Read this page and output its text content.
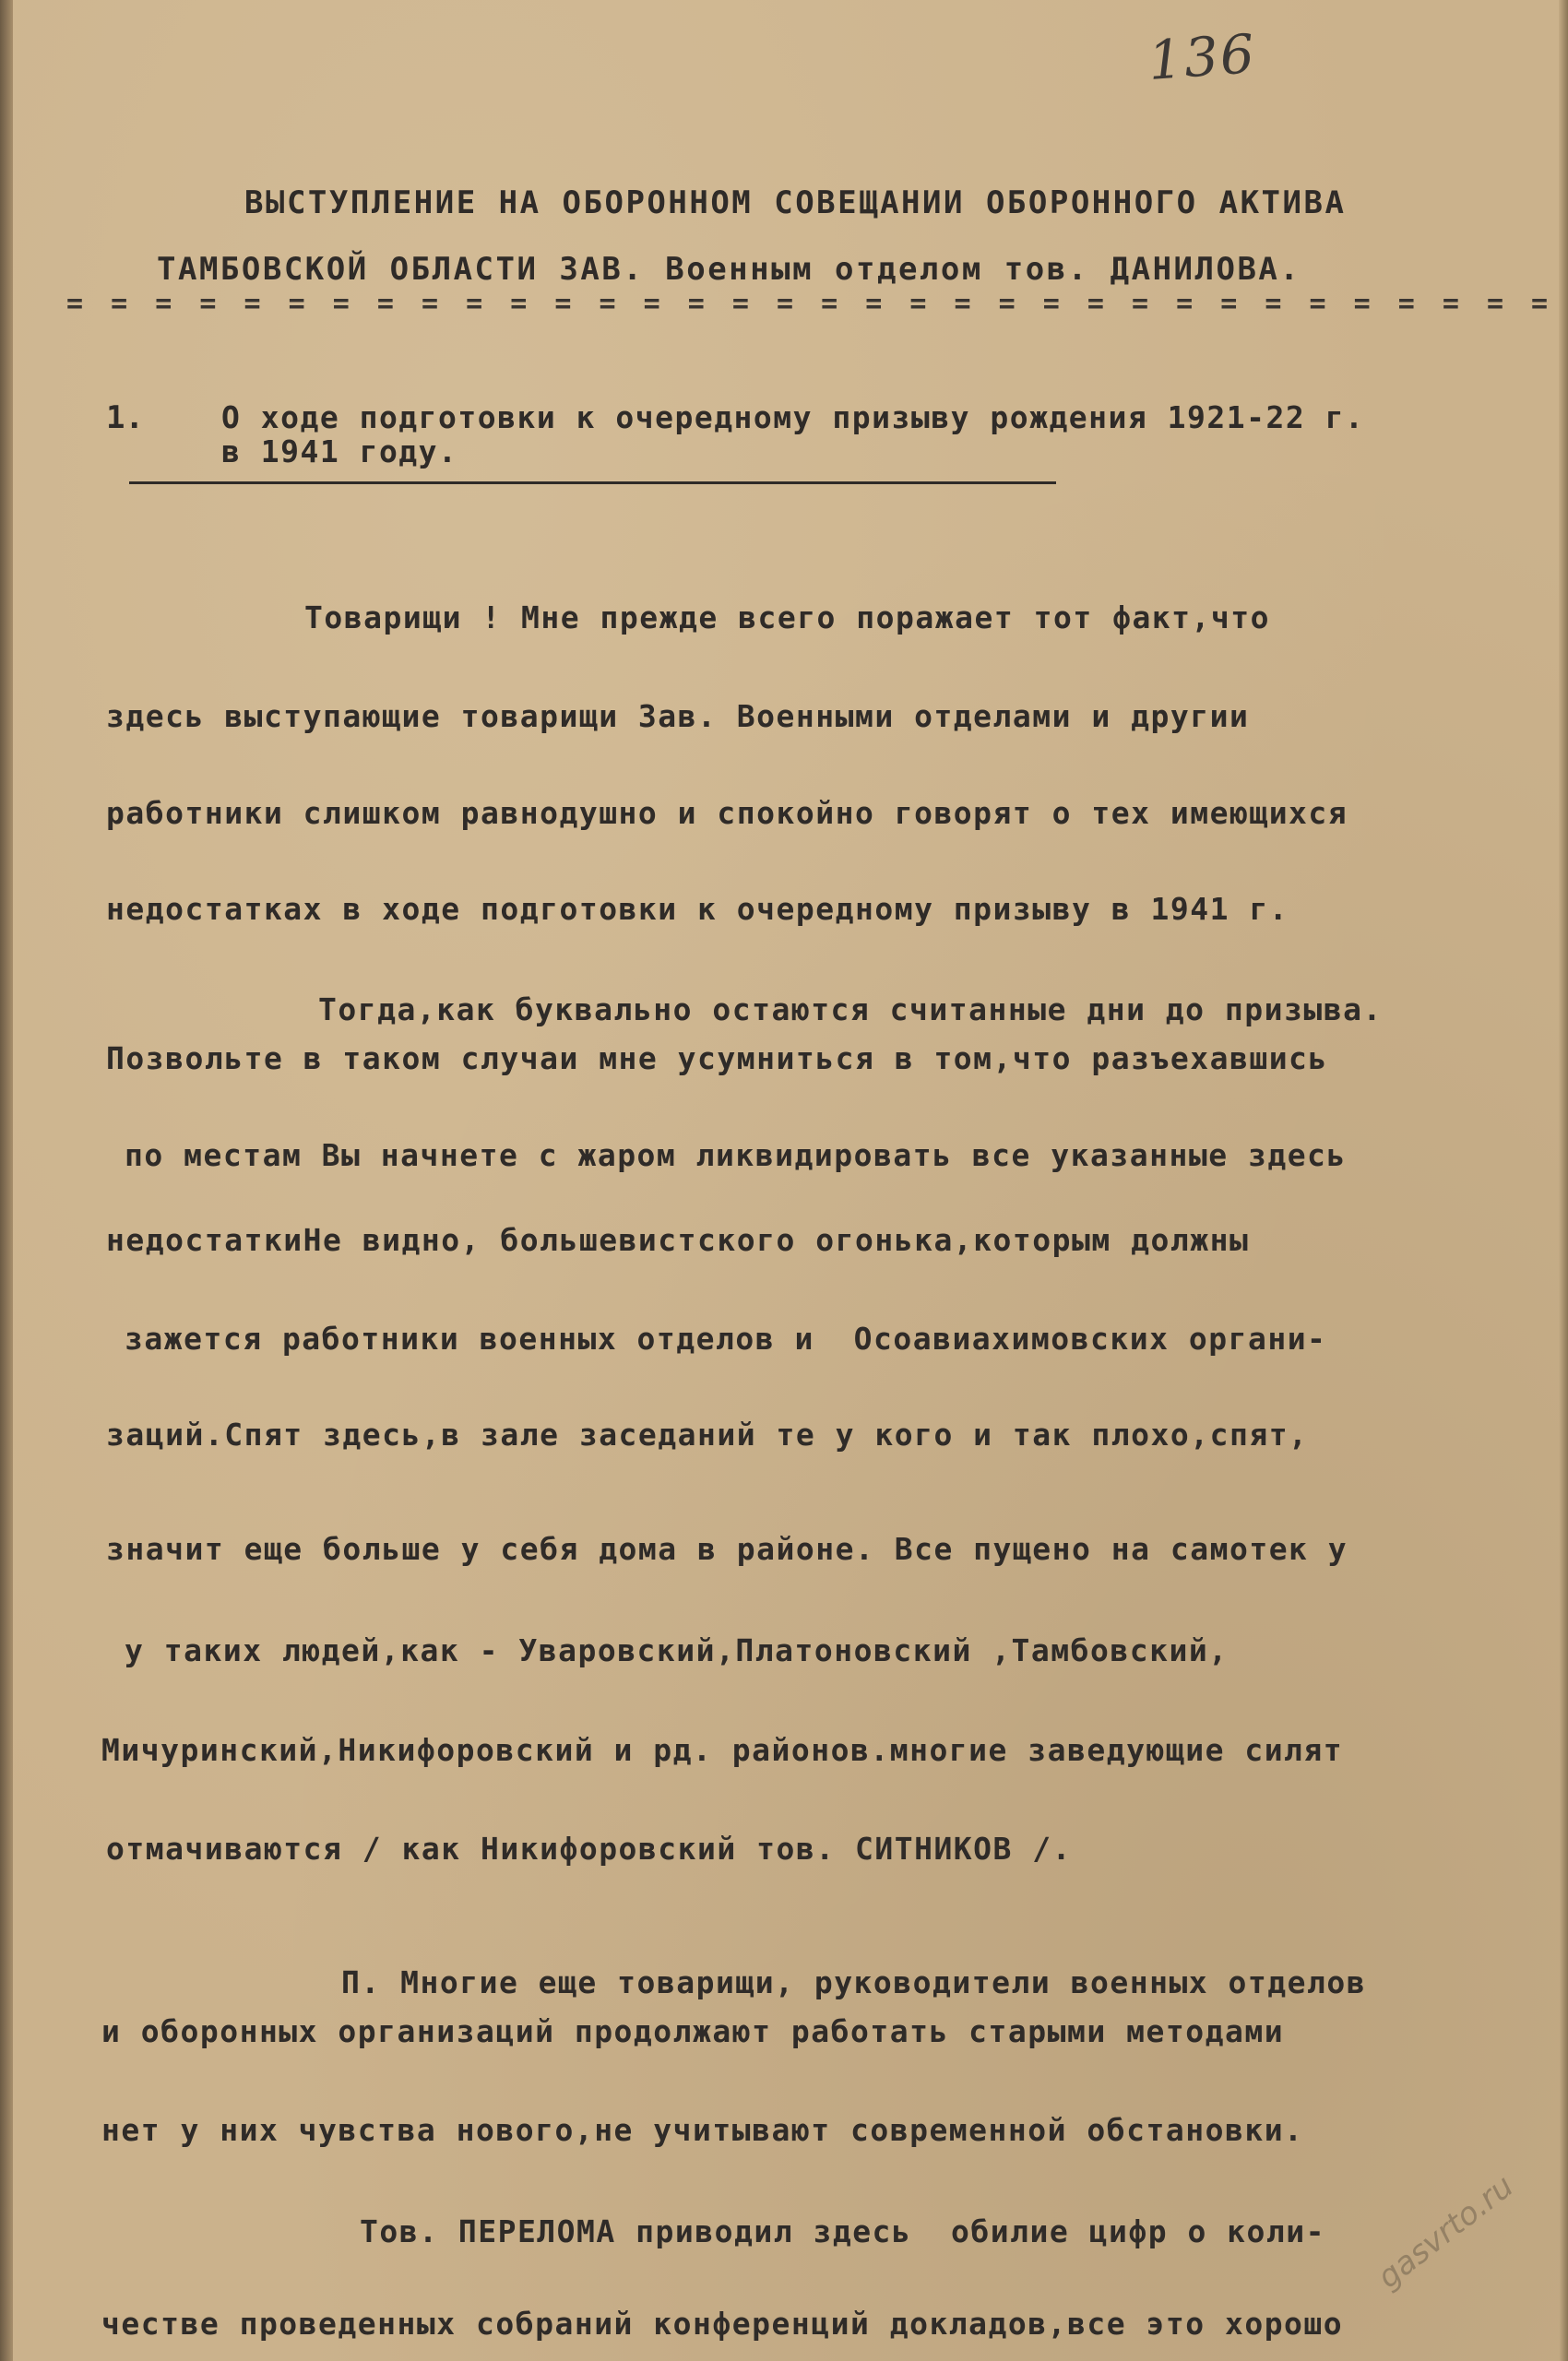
136
ВЫСТУПЛЕНИЕ НА ОБОРОННОМ СОВЕЩАНИИ ОБОРОННОГО АКТИВА
ТАМБОВСКОЙ ОБЛАСТИ ЗАВ. Военным отделом тов. ДАНИЛОВА.
= = = = = = = = = = = = = = = = = = = = = = = = = = = = = = = = = =
1.	О ходе подготовки к очередному призыву рождения 1921-22 г.
в 1941 году.
Товарищи ! Мне прежде всего поражает тот факт,что
здесь выступающие товарищи Зав. Военными отделами и другии
работники слишком равнодушно и спокойно говорят о тех имеющихся
недостатках в ходе подготовки к очередному призыву в 1941 г.
Тогда,как буквально остаются считанные дни до призыва.
Позвольте в таком случаи мне усумниться в том,что разъехавшись
по местам Вы начнете с жаром ликвидировать все указанные здесь
недостаткиНе видно, большевистского огонька,которым должны
зажется работники военных отделов и  Осоавиахимовских органи-
заций.Спят здесь,в зале заседаний те у кого и так плохо,спят,
значит еще больше у себя дома в районе. Все пущено на самотек у
у таких людей,как - Уваровский,Платоновский ,Тамбовский,
Мичуринский,Никифоровский и рд. районов.многие заведующие силят
отмачиваются / как Никифоровский тов. СИТНИКОВ /.
П. Многие еще товарищи, руководители военных отделов
и оборонных организаций продолжают работать старыми методами
нет у них чувства нового,не учитывают современной обстановки.
Тов. ПЕРЕЛОМА приводил здесь  обилие цифр о коли-
честве проведенных собраний конференций докладов,все это хорошо
gasvrto.ru
